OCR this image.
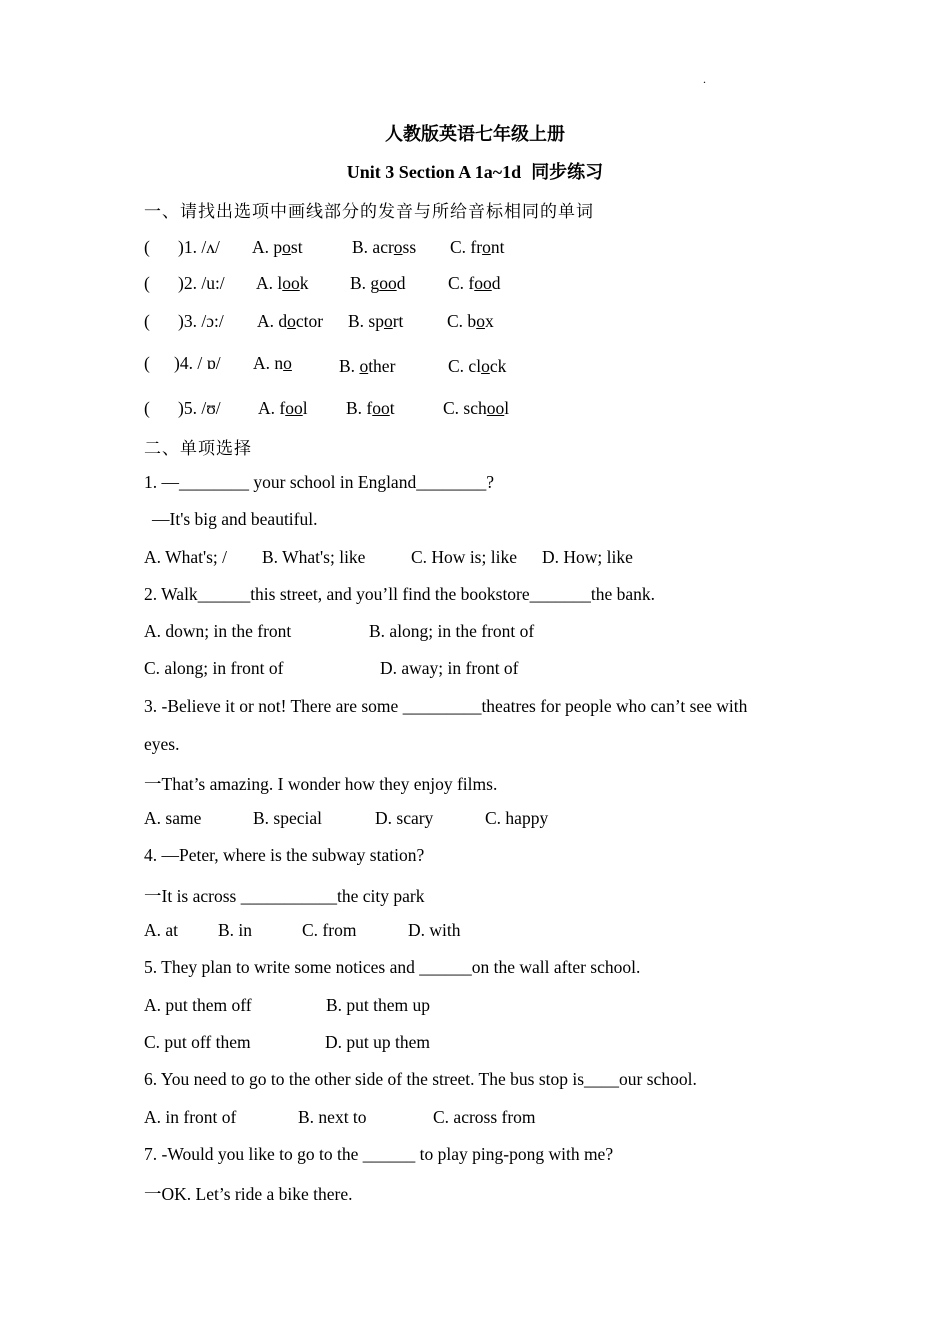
.
人教版英语七年级上册
Unit 3 Section A 1a~1d 同步练习
一、请找出选项中画线部分的发音与所给音标相同的单词
( )1. /ʌ/ A. post	B. across C. front
( )2. /u:/ A. look B. good C. food
( )3. /ɔ:/ A. doctor B. sport C. box
( )4. / ɒ/ A. no	B. other	C. clock
( )5. /ʊ/ A. fool B. foot	C. school
二、单项选择
1. —________ your school in England________?
—It's big and beautiful.
A. What's; / B. What's; like	C. How is; like D. How; like
2. Walk______this street, and you’ll find the bookstore_______the bank.
A. down; in the front	B. along; in the front of
C. along; in front of	D. away; in front of
3. -Believe it or not! There are some _________theatres for people who can’t see with
eyes.
一That’s amazing. I wonder how they enjoy films.
A. same	B. special	D. scary	C. happy
4. —Peter, where is the subway station?
一It is across ___________the city park
A. at B. in	C. from	D. with
5. They plan to write some notices and ______on the wall after school.
A. put them off	B. put them up
C. put off them	D. put up them
6. You need to go to the other side of the street. The bus stop is____our school.
A. in front of	B. next to	C. across from
7. -Would you like to go to the ______ to play ping-pong with me?
一OK. Let’s ride a bike there.
